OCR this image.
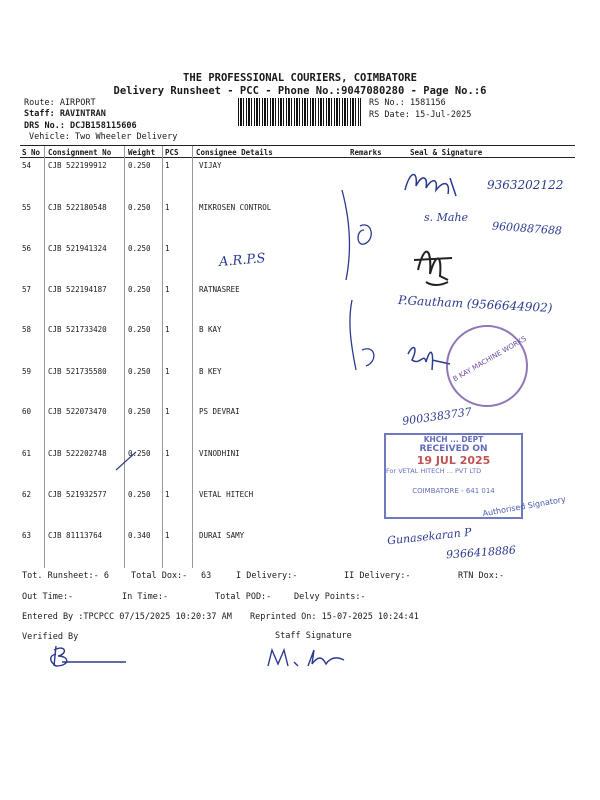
THE PROFESSIONAL COURIERS, COIMBATORE
Delivery Runsheet - PCC - Phone No.:9047080280 - Page No.:6
Route: AIRPORT
Staff: RAVINTRAN
DRS No.: DCJB158115606
Vehicle: Two Wheeler Delivery
RS No.: 1581156
RS Date: 15-Jul-2025
S No Consignment No Weight PCS Consignee Details	Remarks	Seal & Signature
54 CJB 522199912	0.250 1	VIJAY
55 CJB 522180548	0.250 1	MIKROSEN CONTROL
56 CJB 521941324	0.250 1
57 CJB 522194187	0.250 1	RATNASREE
58 CJB 521733420	0.250 1	B KAY
59 CJB 521735580	0.250 1	B KEY
60 CJB 522073470	0.250 1	PS DEVRAI
61 CJB 522202748	0.250 1	VINODHINI
62 CJB 521932577	0.250 1	VETAL HITECH
63 CJB 81113764	0.340 1	DURAI SAMY
9363202122
s. Mahe
9600887688
A.R.P.S
P.Gautham (9566644902)
B KAY MACHINE WORKS
9003383737
KHCH ... DEPT
RECEIVED ON
19 JUL 2025
For VETAL HITECH ... PVT LTD
COIMBATORE - 641 014
Authorised Signatory
Gunasekaran P
9366418886
Tot. Runsheet:- 6	Total Dox:- 63	I Delivery:-	II Delivery:-	RTN Dox:-
Out Time:-	In Time:-	Total POD:-	Delvy Points:-
Entered By :TPCPCC 07/15/2025 10:20:37 AM Reprinted On: 15-07-2025 10:24:41
Verified By	Staff Signature
